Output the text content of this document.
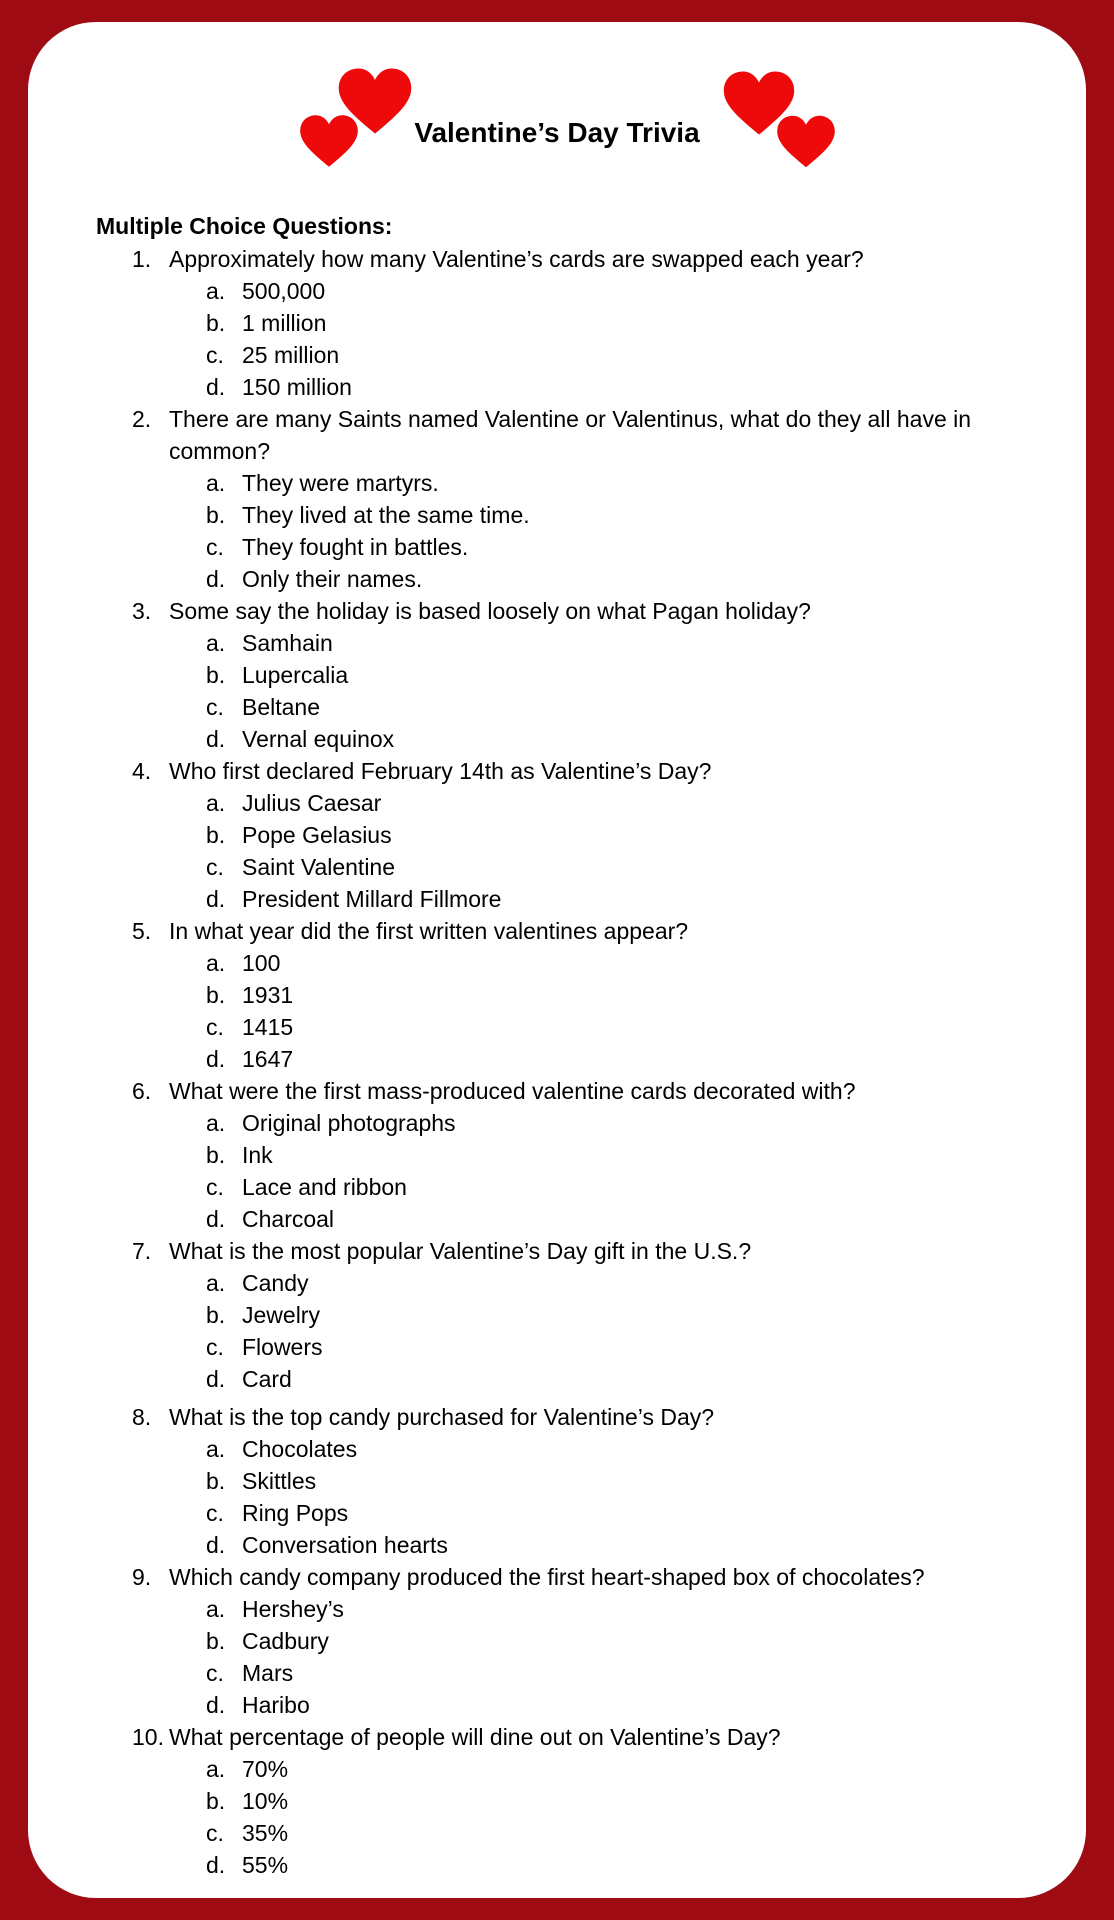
Valentine’s Day Trivia
Multiple Choice Questions:
1. Approximately how many Valentine’s cards are swapped each year?
a. 500,000
b. 1 million
c. 25 million
d. 150 million
2. There are many Saints named Valentine or Valentinus, what do they all have in common?
a. They were martyrs.
b. They lived at the same time.
c. They fought in battles.
d. Only their names.
3. Some say the holiday is based loosely on what Pagan holiday?
a. Samhain
b. Lupercalia
c. Beltane
d. Vernal equinox
4. Who first declared February 14th as Valentine’s Day?
a. Julius Caesar
b. Pope Gelasius
c. Saint Valentine
d. President Millard Fillmore
5. In what year did the first written valentines appear?
a. 100
b. 1931
c. 1415
d. 1647
6. What were the first mass-produced valentine cards decorated with?
a. Original photographs
b. Ink
c. Lace and ribbon
d. Charcoal
7. What is the most popular Valentine’s Day gift in the U.S.?
a. Candy
b. Jewelry
c. Flowers
d. Card
8. What is the top candy purchased for Valentine’s Day?
a. Chocolates
b. Skittles
c. Ring Pops
d. Conversation hearts
9. Which candy company produced the first heart-shaped box of chocolates?
a. Hershey’s
b. Cadbury
c. Mars
d. Haribo
10. What percentage of people will dine out on Valentine’s Day?
a. 70%
b. 10%
c. 35%
d. 55%
